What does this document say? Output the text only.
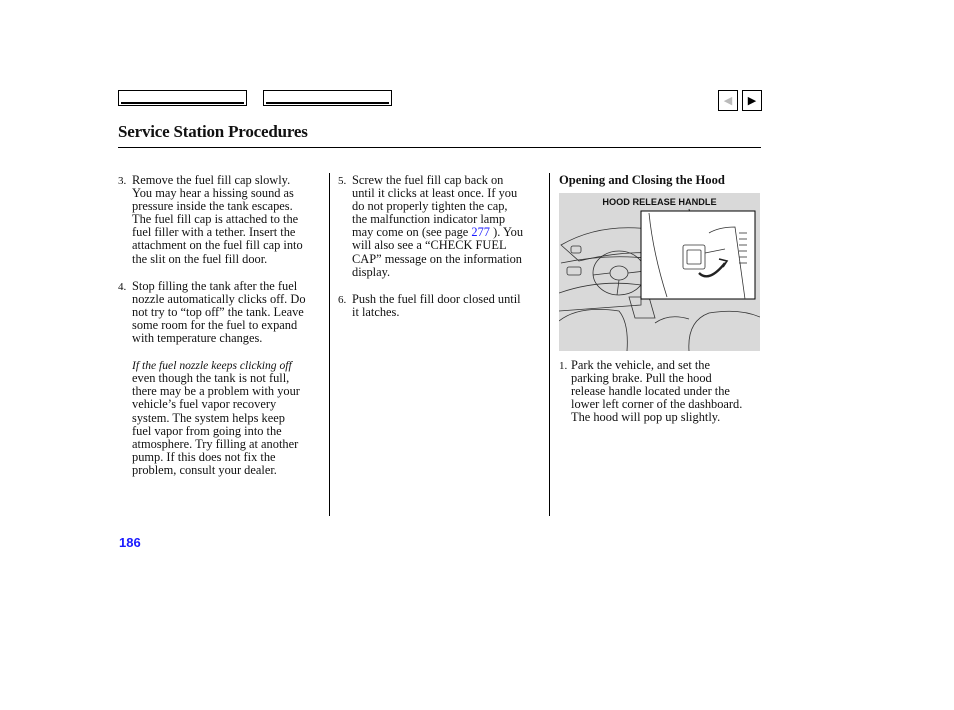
◀ ▶
Service Station Procedures
3. Remove the fuel fill cap slowly.
You may hear a hissing sound as
pressure inside the tank escapes.
The fuel fill cap is attached to the
fuel filler with a tether. Insert the
attachment on the fuel fill cap into
the slit on the fuel fill door.
4. Stop filling the tank after the fuel
nozzle automatically clicks off. Do
not try to “top off” the tank. Leave
some room for the fuel to expand
with temperature changes.
If the fuel nozzle keeps clicking off
even though the tank is not full,
there may be a problem with your
vehicle’s fuel vapor recovery
system. The system helps keep
fuel vapor from going into the
atmosphere. Try filling at another
pump. If this does not fix the
problem, consult your dealer.
5. Screw the fuel fill cap back on
until it clicks at least once. If you
do not properly tighten the cap,
the malfunction indicator lamp
may come on (see page 277 ). You
will also see a “CHECK FUEL
CAP” message on the information
display.
6. Push the fuel fill door closed until
it latches.
Opening and Closing the Hood
HOOD RELEASE HANDLE
1. Park the vehicle, and set the
parking brake. Pull the hood
release handle located under the
lower left corner of the dashboard.
The hood will pop up slightly.
186
